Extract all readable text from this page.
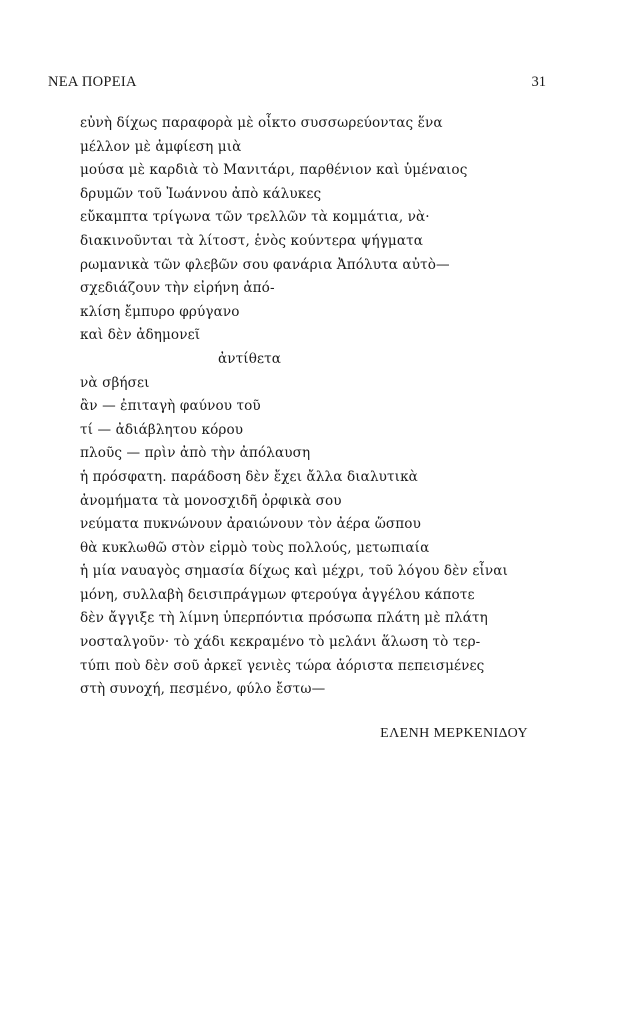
ΝΕΑ ΠΟΡΕΙΑ	31
εὐνὴ δίχως παραφορὰ μὲ οἶκτο συσσωρεύοντας ἕνα
μέλλον μὲ ἀμφίεση μιὰ
μούσα μὲ καρδιὰ τὸ Μανιτάρι, παρθένιον καὶ ὑμέναιος
δρυμῶν τοῦ Ἰωάννου ἀπὸ κάλυκες
εὔκαμπτα τρίγωνα τῶν τρελλῶν τὰ κομμάτια, νὰ·
διακινοῦνται τὰ λίτοστ, ἑνὸς κούντερα ψήγματα
ρωμανικὰ τῶν φλεβῶν σου φανάρια Ἀπόλυτα αὐτὸ—
σχεδιάζουν τὴν εἰρήνη ἀπό-
κλίση ἔμπυρο φρύγανο
καὶ δὲν ἀδημονεῖ
ἀντίθετα
νὰ σβήσει
ἂν — ἐπιταγὴ φαύνου τοῦ
τί — ἀδιάβλητου κόρου
πλοῦς — πρὶν ἀπὸ τὴν ἀπόλαυση
ἡ πρόσφατη. παράδοση δὲν ἔχει ἄλλα διαλυτικὰ
ἀνομήματα τὰ μονοσχιδῆ ὀρφικὰ σου
νεύματα πυκνώνουν ἀραιώνουν τὸν ἀέρα ὥσπου
θὰ κυκλωθῶ στὸν εἱρμὸ τοὺς πολλούς, μετωπιαία
ἡ μία ναυαγὸς σημασία δίχως καὶ μέχρι, τοῦ λόγου δὲν εἶναι
μόνη, συλλαβὴ δεισιπράγμων φτερούγα ἀγγέλου κάποτε
δὲν ἄγγιξε τὴ λίμνη ὑπερπόντια πρόσωπα πλάτη μὲ πλάτη
νοσταλγοῦν· τὸ χάδι κεκραμένο τὸ μελάνι ἅλωση τὸ τερ-
τύπι ποὺ δὲν σοῦ ἀρκεῖ γενιὲς τώρα ἀόριστα πεπεισμένες
στὴ συνοχή, πεσμένο, φύλο ἔστω—
ΕΛΕΝΗ ΜΕΡΚΕΝΙΔΟΥ
